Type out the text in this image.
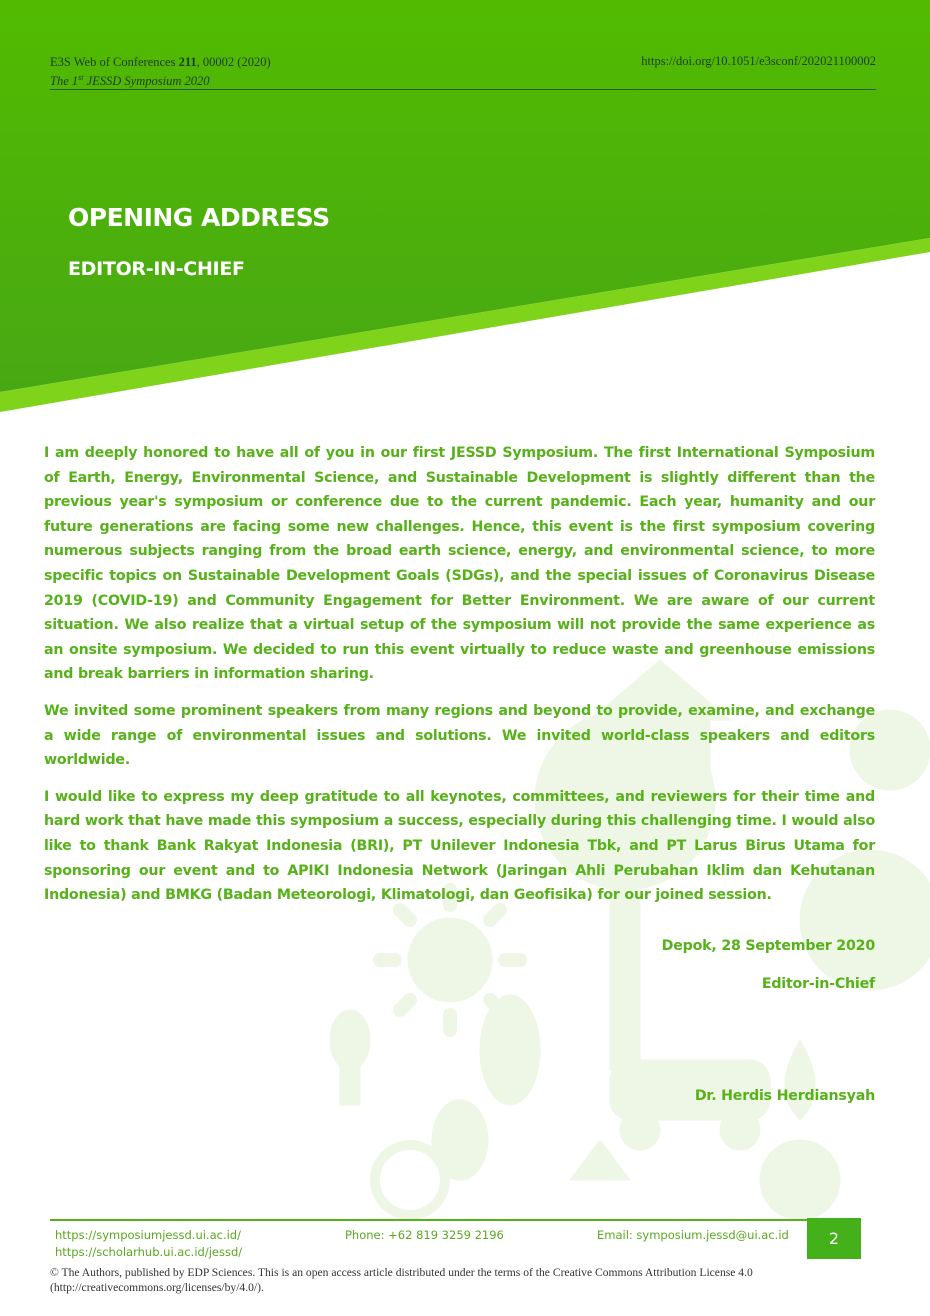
E3S Web of Conferences 211, 00002 (2020)
The 1st JESSD Symposium 2020
https://doi.org/10.1051/e3sconf/202021100002
OPENING ADDRESS
EDITOR-IN-CHIEF

I am deeply honored to have all of you in our first JESSD Symposium. The first International Symposium of Earth, Energy, Environmental Science, and Sustainable Development is slightly different than the previous year's symposium or conference due to the current pandemic. Each year, humanity and our future generations are facing some new challenges. Hence, this event is the first symposium covering numerous subjects ranging from the broad earth science, energy, and environmental science, to more specific topics on Sustainable Development Goals (SDGs), and the special issues of Coronavirus Disease 2019 (COVID-19) and Community Engagement for Better Environment. We are aware of our current situation. We also realize that a virtual setup of the symposium will not provide the same experience as an onsite symposium. We decided to run this event virtually to reduce waste and greenhouse emissions and break barriers in information sharing.

We invited some prominent speakers from many regions and beyond to provide, examine, and exchange a wide range of environmental issues and solutions. We invited world-class speakers and editors worldwide.

I would like to express my deep gratitude to all keynotes, committees, and reviewers for their time and hard work that have made this symposium a success, especially during this challenging time. I would also like to thank Bank Rakyat Indonesia (BRI), PT Unilever Indonesia Tbk, and PT Larus Birus Utama for sponsoring our event and to APIKI Indonesia Network (Jaringan Ahli Perubahan Iklim dan Kehutanan Indonesia) and BMKG (Badan Meteorologi, Klimatologi, dan Geofisika) for our joined session.

Depok, 28 September 2020
Editor-in-Chief
Dr. Herdis Herdiansyah
https://symposiumjessd.ui.ac.id/
https://scholarhub.ui.ac.id/jessd/
Phone: +62 819 3259 2196	Email: symposium.jessd@ui.ac.id	2
© The Authors, published by EDP Sciences. This is an open access article distributed under the terms of the Creative Commons Attribution License 4.0
(http://creativecommons.org/licenses/by/4.0/).
